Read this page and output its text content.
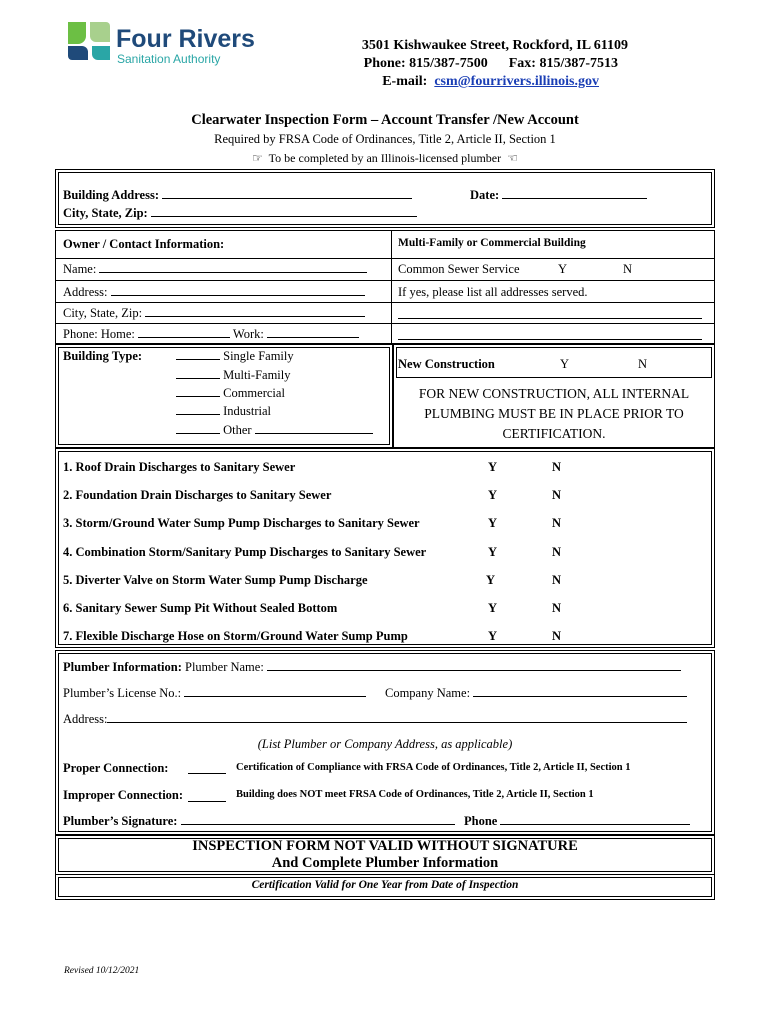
Four Rivers
Sanitation Authority
3501 Kishwaukee Street, Rockford, IL 61109
Phone: 815/387-7500 Fax: 815/387-7513
E-mail: csm@fourrivers.illinois.gov
Clearwater Inspection Form – Account Transfer /New Account
Required by FRSA Code of Ordinances, Title 2, Article II, Section 1
☞ To be completed by an Illinois-licensed plumber ☜
Building Address:	Date:
City, State, Zip:
Owner / Contact Information:	Multi-Family or Commercial Building
Name:	Common Sewer Service	Y	N
Address:	If yes, please list all addresses served.
City, State, Zip:
Phone: Home:	Work:
Building Type:	Single Family
Multi-Family
Commercial
Industrial
Other
New Construction	Y	N
FOR NEW CONSTRUCTION, ALL INTERNAL
PLUMBING MUST BE IN PLACE PRIOR TO
CERTIFICATION.
1. Roof Drain Discharges to Sanitary Sewer	Y	N
2. Foundation Drain Discharges to Sanitary Sewer	Y	N
3. Storm/Ground Water Sump Pump Discharges to Sanitary Sewer	Y	N
4. Combination Storm/Sanitary Pump Discharges to Sanitary Sewer	Y	N
5. Diverter Valve on Storm Water Sump Pump Discharge	Y	N
6. Sanitary Sewer Sump Pit Without Sealed Bottom	Y	N
7. Flexible Discharge Hose on Storm/Ground Water Sump Pump	Y	N
Plumber Information: Plumber Name:
Plumber’s License No.:	Company Name:
Address:
(List Plumber or Company Address, as applicable)
Proper Connection:	Certification of Compliance with FRSA Code of Ordinances, Title 2, Article II, Section 1
Improper Connection:	Building does NOT meet FRSA Code of Ordinances, Title 2, Article II, Section 1
Plumber’s Signature:	Phone
INSPECTION FORM NOT VALID WITHOUT SIGNATURE
And Complete Plumber Information
Certification Valid for One Year from Date of Inspection
Revised 10/12/2021
